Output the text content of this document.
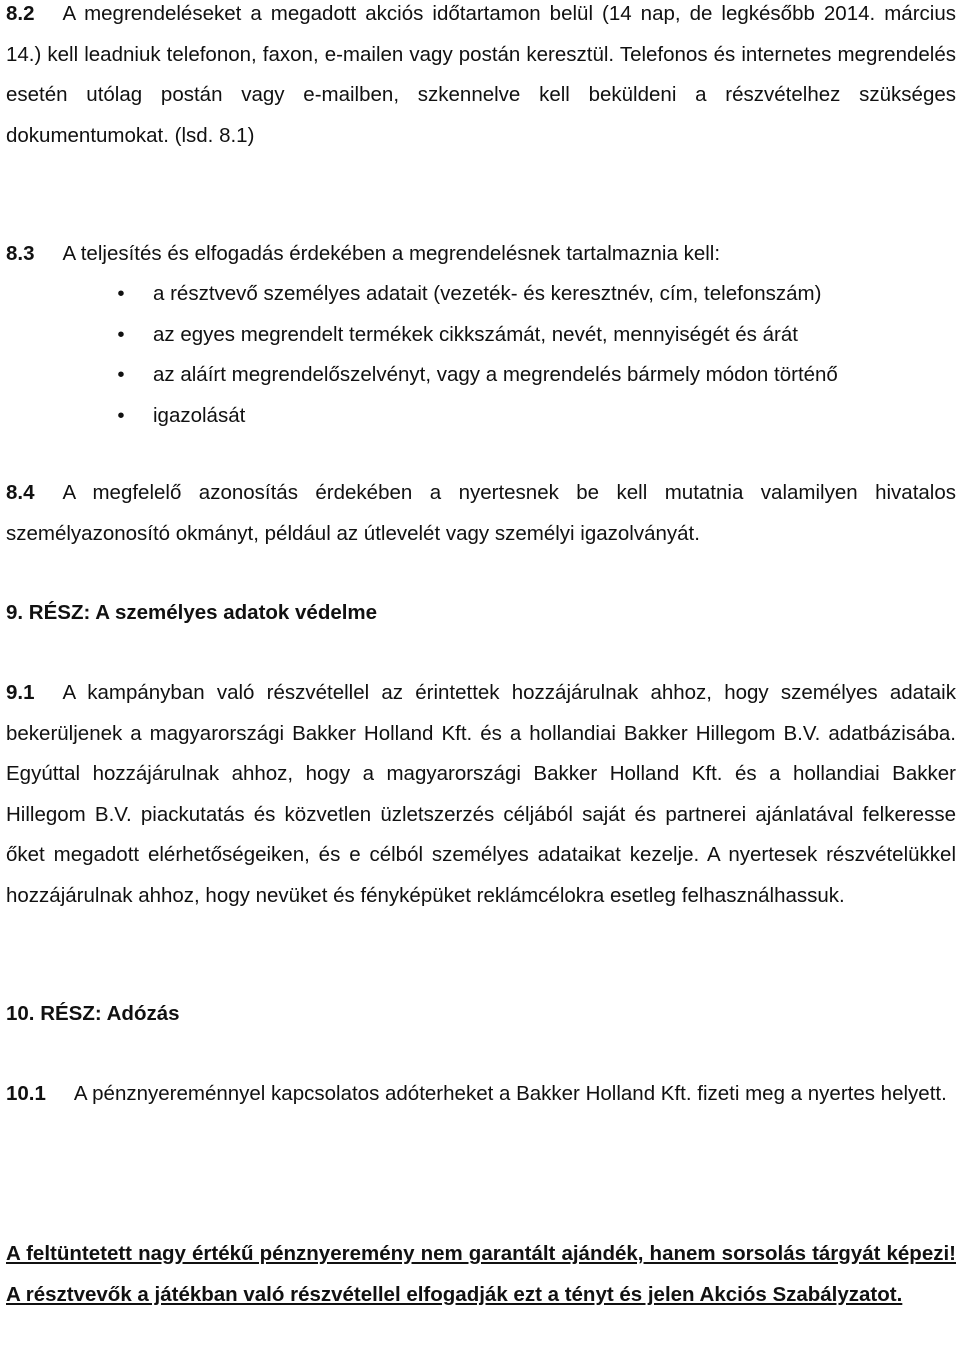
8.2 A megrendeléseket a megadott akciós időtartamon belül (14 nap, de legkésőbb 2014. március 14.) kell leadniuk telefonon, faxon, e-mailen vagy postán keresztül. Telefonos és internetes megrendelés esetén utólag postán vagy e-mailben, szkennelve kell beküldeni a részvételhez szükséges dokumentumokat. (lsd. 8.1)

8.3 A teljesítés és elfogadás érdekében a megrendelésnek tartalmaznia kell:

• a résztvevő személyes adatait (vezeték- és keresztnév, cím, telefonszám)
• az egyes megrendelt termékek cikkszámát, nevét, mennyiségét és árát
• az aláírt megrendelőszelvényt, vagy a megrendelés bármely módon történő
• igazolását

8.4 A megfelelő azonosítás érdekében a nyertesnek be kell mutatnia valamilyen hivatalos személyazonosító okmányt, például az útlevelét vagy személyi igazolványát.

9. RÉSZ: A személyes adatok védelme

9.1 A kampányban való részvétellel az érintettek hozzájárulnak ahhoz, hogy személyes adataik bekerüljenek a magyarországi Bakker Holland Kft. és a hollandiai Bakker Hillegom B.V. adatbázisába. Egyúttal hozzájárulnak ahhoz, hogy a magyarországi Bakker Holland Kft. és a hollandiai Bakker Hillegom B.V. piackutatás és közvetlen üzletszerzés céljából saját és partnerei ajánlatával felkeresse őket megadott elérhetőségeiken, és e célból személyes adataikat kezelje. A nyertesek részvételükkel hozzájárulnak ahhoz, hogy nevüket és fényképüket reklámcélokra esetleg felhasználhassuk.

10. RÉSZ: Adózás

10.1 A pénznyereménnyel kapcsolatos adóterheket a Bakker Holland Kft. fizeti meg a nyertes helyett.

A feltüntetett nagy értékű pénznyeremény nem garantált ajándék, hanem sorsolás tárgyát képezi! A résztvevők a játékban való részvétellel elfogadják ezt a tényt és jelen Akciós Szabályzatot.
